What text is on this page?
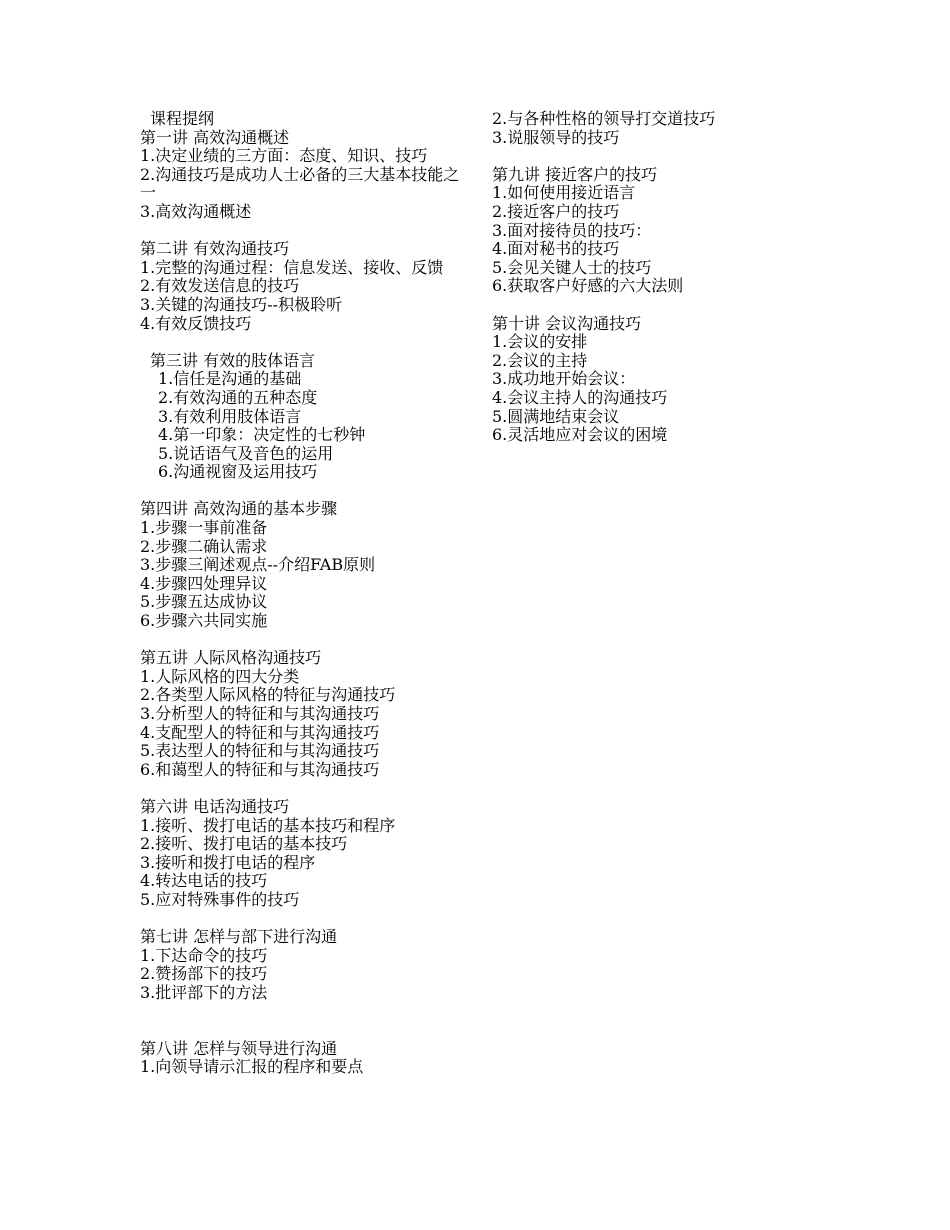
课程提纲
第一讲 高效沟通概述
1.决定业绩的三方面：态度、知识、技巧
2.沟通技巧是成功人士必备的三大基本技能之一
3.高效沟通概述
第二讲 有效沟通技巧
1.完整的沟通过程：信息发送、接收、反馈
2.有效发送信息的技巧
3.关键的沟通技巧--积极聆听
4.有效反馈技巧
第三讲 有效的肢体语言
1.信任是沟通的基础
2.有效沟通的五种态度
3.有效利用肢体语言
4.第一印象：决定性的七秒钟
5.说话语气及音色的运用
6.沟通视窗及运用技巧
第四讲 高效沟通的基本步骤
1.步骤一事前准备
2.步骤二确认需求
3.步骤三阐述观点--介绍FAB原则
4.步骤四处理异议
5.步骤五达成协议
6.步骤六共同实施
第五讲 人际风格沟通技巧
1.人际风格的四大分类
2.各类型人际风格的特征与沟通技巧
3.分析型人的特征和与其沟通技巧
4.支配型人的特征和与其沟通技巧
5.表达型人的特征和与其沟通技巧
6.和蔼型人的特征和与其沟通技巧
第六讲 电话沟通技巧
1.接听、拨打电话的基本技巧和程序
2.接听、拨打电话的基本技巧
3.接听和拨打电话的程序
4.转达电话的技巧
5.应对特殊事件的技巧
第七讲 怎样与部下进行沟通
1.下达命令的技巧
2.赞扬部下的技巧
3.批评部下的方法
第八讲 怎样与领导进行沟通
1.向领导请示汇报的程序和要点
2.与各种性格的领导打交道技巧
3.说服领导的技巧
第九讲 接近客户的技巧
1.如何使用接近语言
2.接近客户的技巧
3.面对接待员的技巧：
4.面对秘书的技巧
5.会见关键人士的技巧
6.获取客户好感的六大法则
第十讲 会议沟通技巧
1.会议的安排
2.会议的主持
3.成功地开始会议：
4.会议主持人的沟通技巧
5.圆满地结束会议
6.灵活地应对会议的困境
